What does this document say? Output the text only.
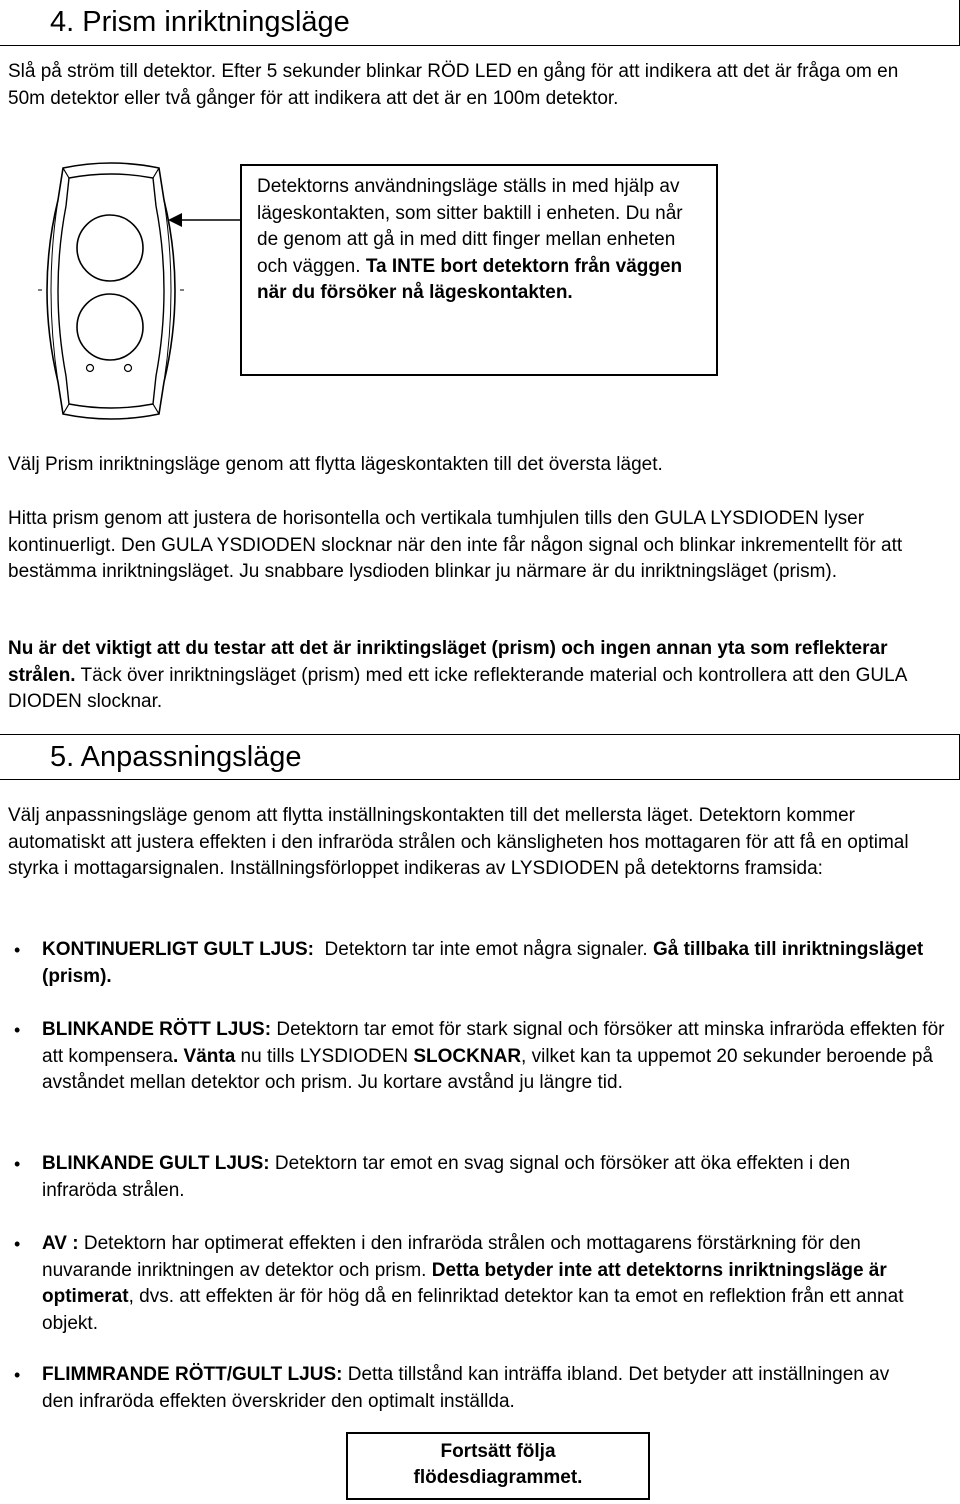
4. Prism inriktningsläge

Slå på ström till detektor. Efter 5 sekunder blinkar RÖD LED en gång för att indikera att det är fråga om en 50m detektor eller två gånger för att indikera att det är en 100m detektor.

Detektorns användningsläge ställs in med hjälp av lägeskontakten, som sitter baktill i enheten. Du når de genom att gå in med ditt finger mellan enheten och väggen. Ta INTE bort detektorn från väggen när du försöker nå lägeskontakten.

Välj Prism inriktningsläge genom att flytta lägeskontakten till det översta läget.

Hitta prism genom att justera de horisontella och vertikala tumhjulen tills den GULA LYSDIODEN lyser kontinuerligt. Den GULA YSDIODEN slocknar när den inte får någon signal och blinkar inkrementellt för att bestämma inriktningsläget. Ju snabbare lysdioden blinkar ju närmare är du inriktningsläget (prism).

Nu är det viktigt att du testar att det är inriktingsläget (prism) och ingen annan yta som reflekterar strålen. Täck över inriktningsläget (prism) med ett icke reflekterande material och kontrollera att den GULA DIODEN slocknar.

5. Anpassningsläge

Välj anpassningsläge genom att flytta inställningskontakten till det mellersta läget. Detektorn kommer automatiskt att justera effekten i den infraröda strålen och känsligheten hos mottagaren för att få en optimal styrka i mottagarsignalen. Inställningsförloppet indikeras av LYSDIODEN på detektorns framsida:

• KONTINUERLIGT GULT LJUS:  Detektorn tar inte emot några signaler. Gå tillbaka till inriktningsläget (prism).

• BLINKANDE RÖTT LJUS: Detektorn tar emot för stark signal och försöker att minska infraröda effekten för att kompensera. Vänta nu tills LYSDIODEN SLOCKNAR, vilket kan ta uppemot 20 sekunder beroende på avståndet mellan detektor och prism. Ju kortare avstånd ju längre tid.

• BLINKANDE GULT LJUS: Detektorn tar emot en svag signal och försöker att öka effekten i den infraröda strålen.

• AV : Detektorn har optimerat effekten i den infraröda strålen och mottagarens förstärkning för den nuvarande inriktningen av detektor och prism. Detta betyder inte att detektorns inriktningsläge är optimerat, dvs. att effekten är för hög då en felinriktad detektor kan ta emot en reflektion från ett annat objekt.

• FLIMMRANDE RÖTT/GULT LJUS: Detta tillstånd kan inträffa ibland. Det betyder att inställningen av den infraröda effekten överskrider den optimalt inställda.

Fortsätt följa
flödesdiagrammet.
